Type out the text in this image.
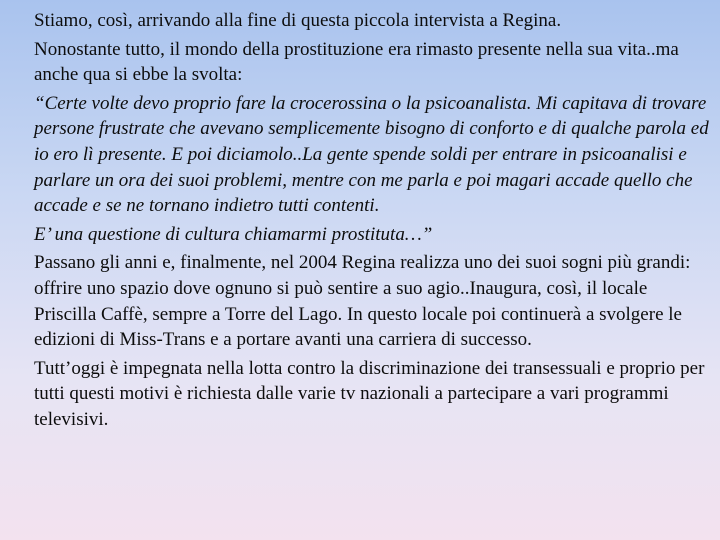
Stiamo, così, arrivando alla fine di questa piccola intervista a Regina.

Nonostante tutto, il mondo della prostituzione era rimasto presente nella sua vita..ma anche qua si ebbe la svolta:

“Certe volte devo proprio fare la crocerossina o la psicoanalista. Mi capitava di trovare persone frustrate che avevano semplicemente bisogno di conforto e di qualche parola ed io ero lì presente. E poi diciamolo..La gente spende soldi per entrare in psicoanalisi e parlare un ora dei suoi problemi, mentre con me parla e poi magari accade quello che accade e se ne tornano indietro tutti contenti.

E’ una questione di cultura chiamarmi prostituta…”

Passano gli anni e, finalmente, nel 2004 Regina realizza uno dei suoi sogni più grandi: offrire uno spazio dove ognuno si può sentire a suo agio..Inaugura, così, il locale Priscilla Caffè, sempre a Torre del Lago. In questo locale poi continuerà a svolgere le edizioni di Miss-Trans e a portare avanti una carriera di successo.

Tutt’oggi è impegnata nella lotta contro la discriminazione dei transessuali e proprio per tutti questi motivi è richiesta dalle varie tv nazionali a partecipare a vari programmi televisivi.
